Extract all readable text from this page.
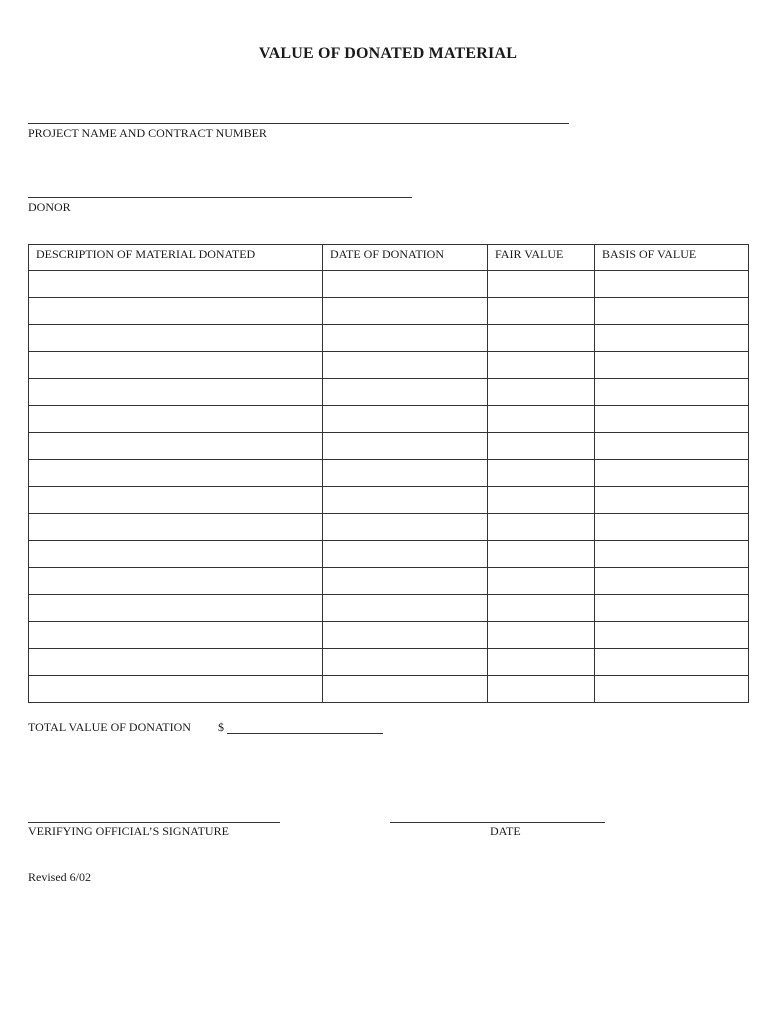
VALUE OF DONATED MATERIAL
PROJECT NAME AND CONTRACT NUMBER
DONOR
DESCRIPTION OF MATERIAL DONATED	DATE OF DONATION	FAIR VALUE	BASIS OF VALUE

TOTAL VALUE OF DONATION $
VERIFYING OFFICIAL’S SIGNATURE	DATE
Revised 6/02
